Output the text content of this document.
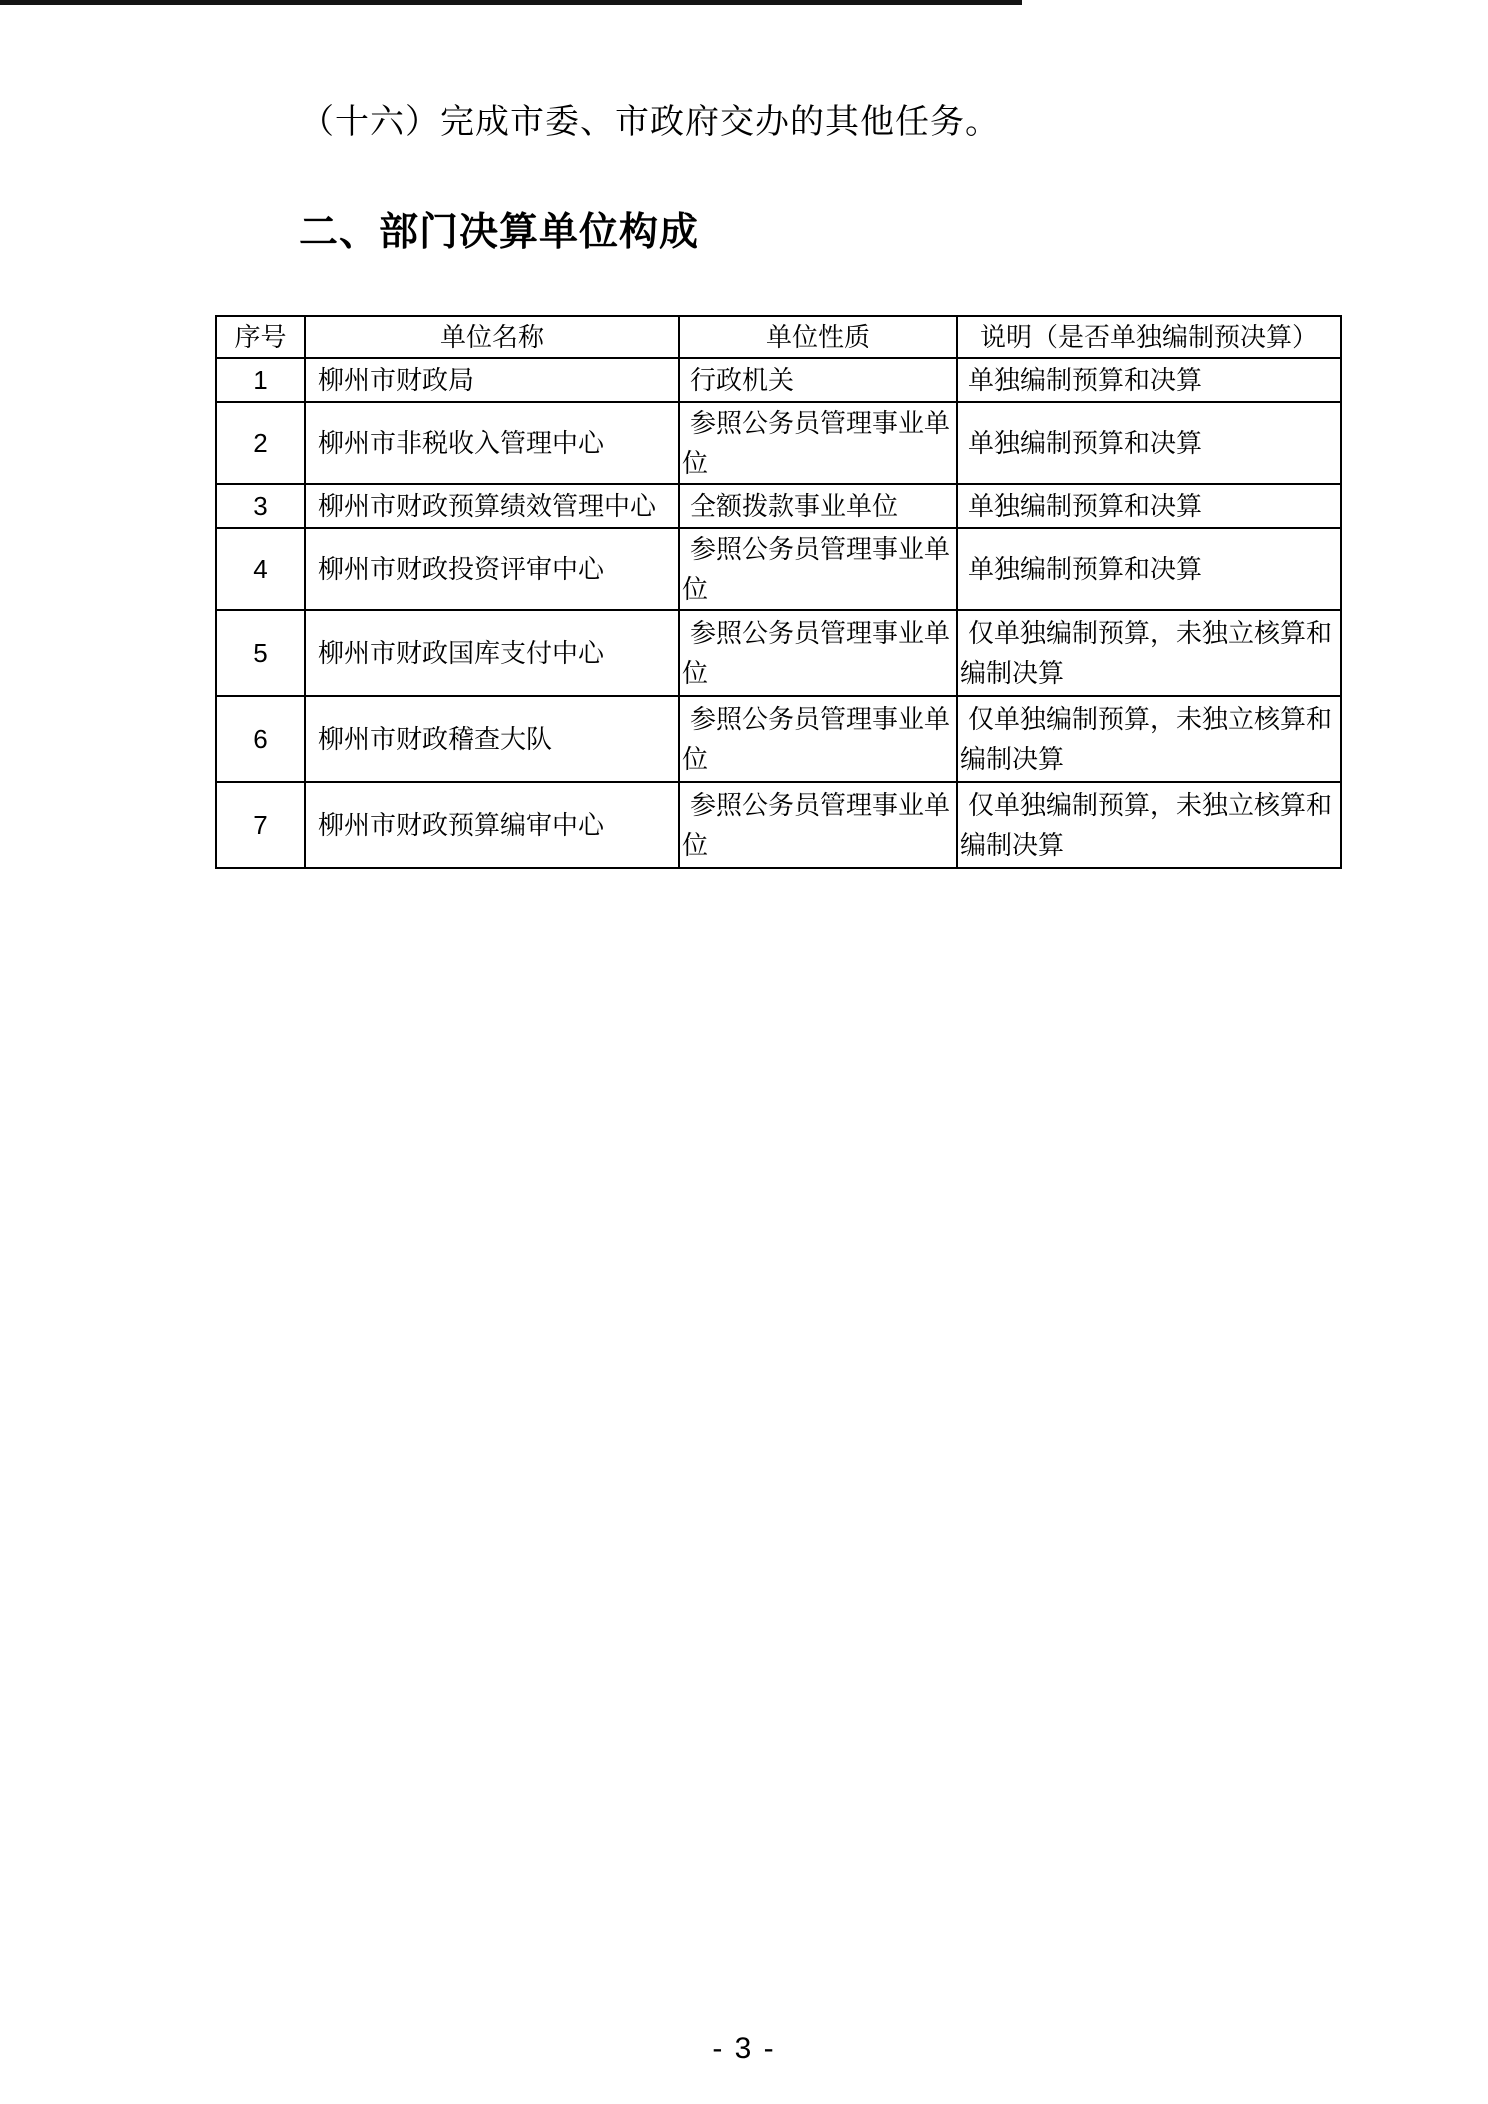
（十六）完成市委、市政府交办的其他任务。
二、部门决算单位构成
序号	单位名称	单位性质	说明（是否单独编制预决算）
1	柳州市财政局	行政机关	单独编制预算和决算
2	柳州市非税收入管理中心	参照公务员管理事业单位	单独编制预算和决算
3	柳州市财政预算绩效管理中心	全额拨款事业单位	单独编制预算和决算
4	柳州市财政投资评审中心	参照公务员管理事业单位	单独编制预算和决算
5	柳州市财政国库支付中心	参照公务员管理事业单位	仅单独编制预算，未独立核算和编制决算
6	柳州市财政稽查大队	参照公务员管理事业单位	仅单独编制预算，未独立核算和编制决算
7	柳州市财政预算编审中心	参照公务员管理事业单位	仅单独编制预算，未独立核算和编制决算
- 3 -
